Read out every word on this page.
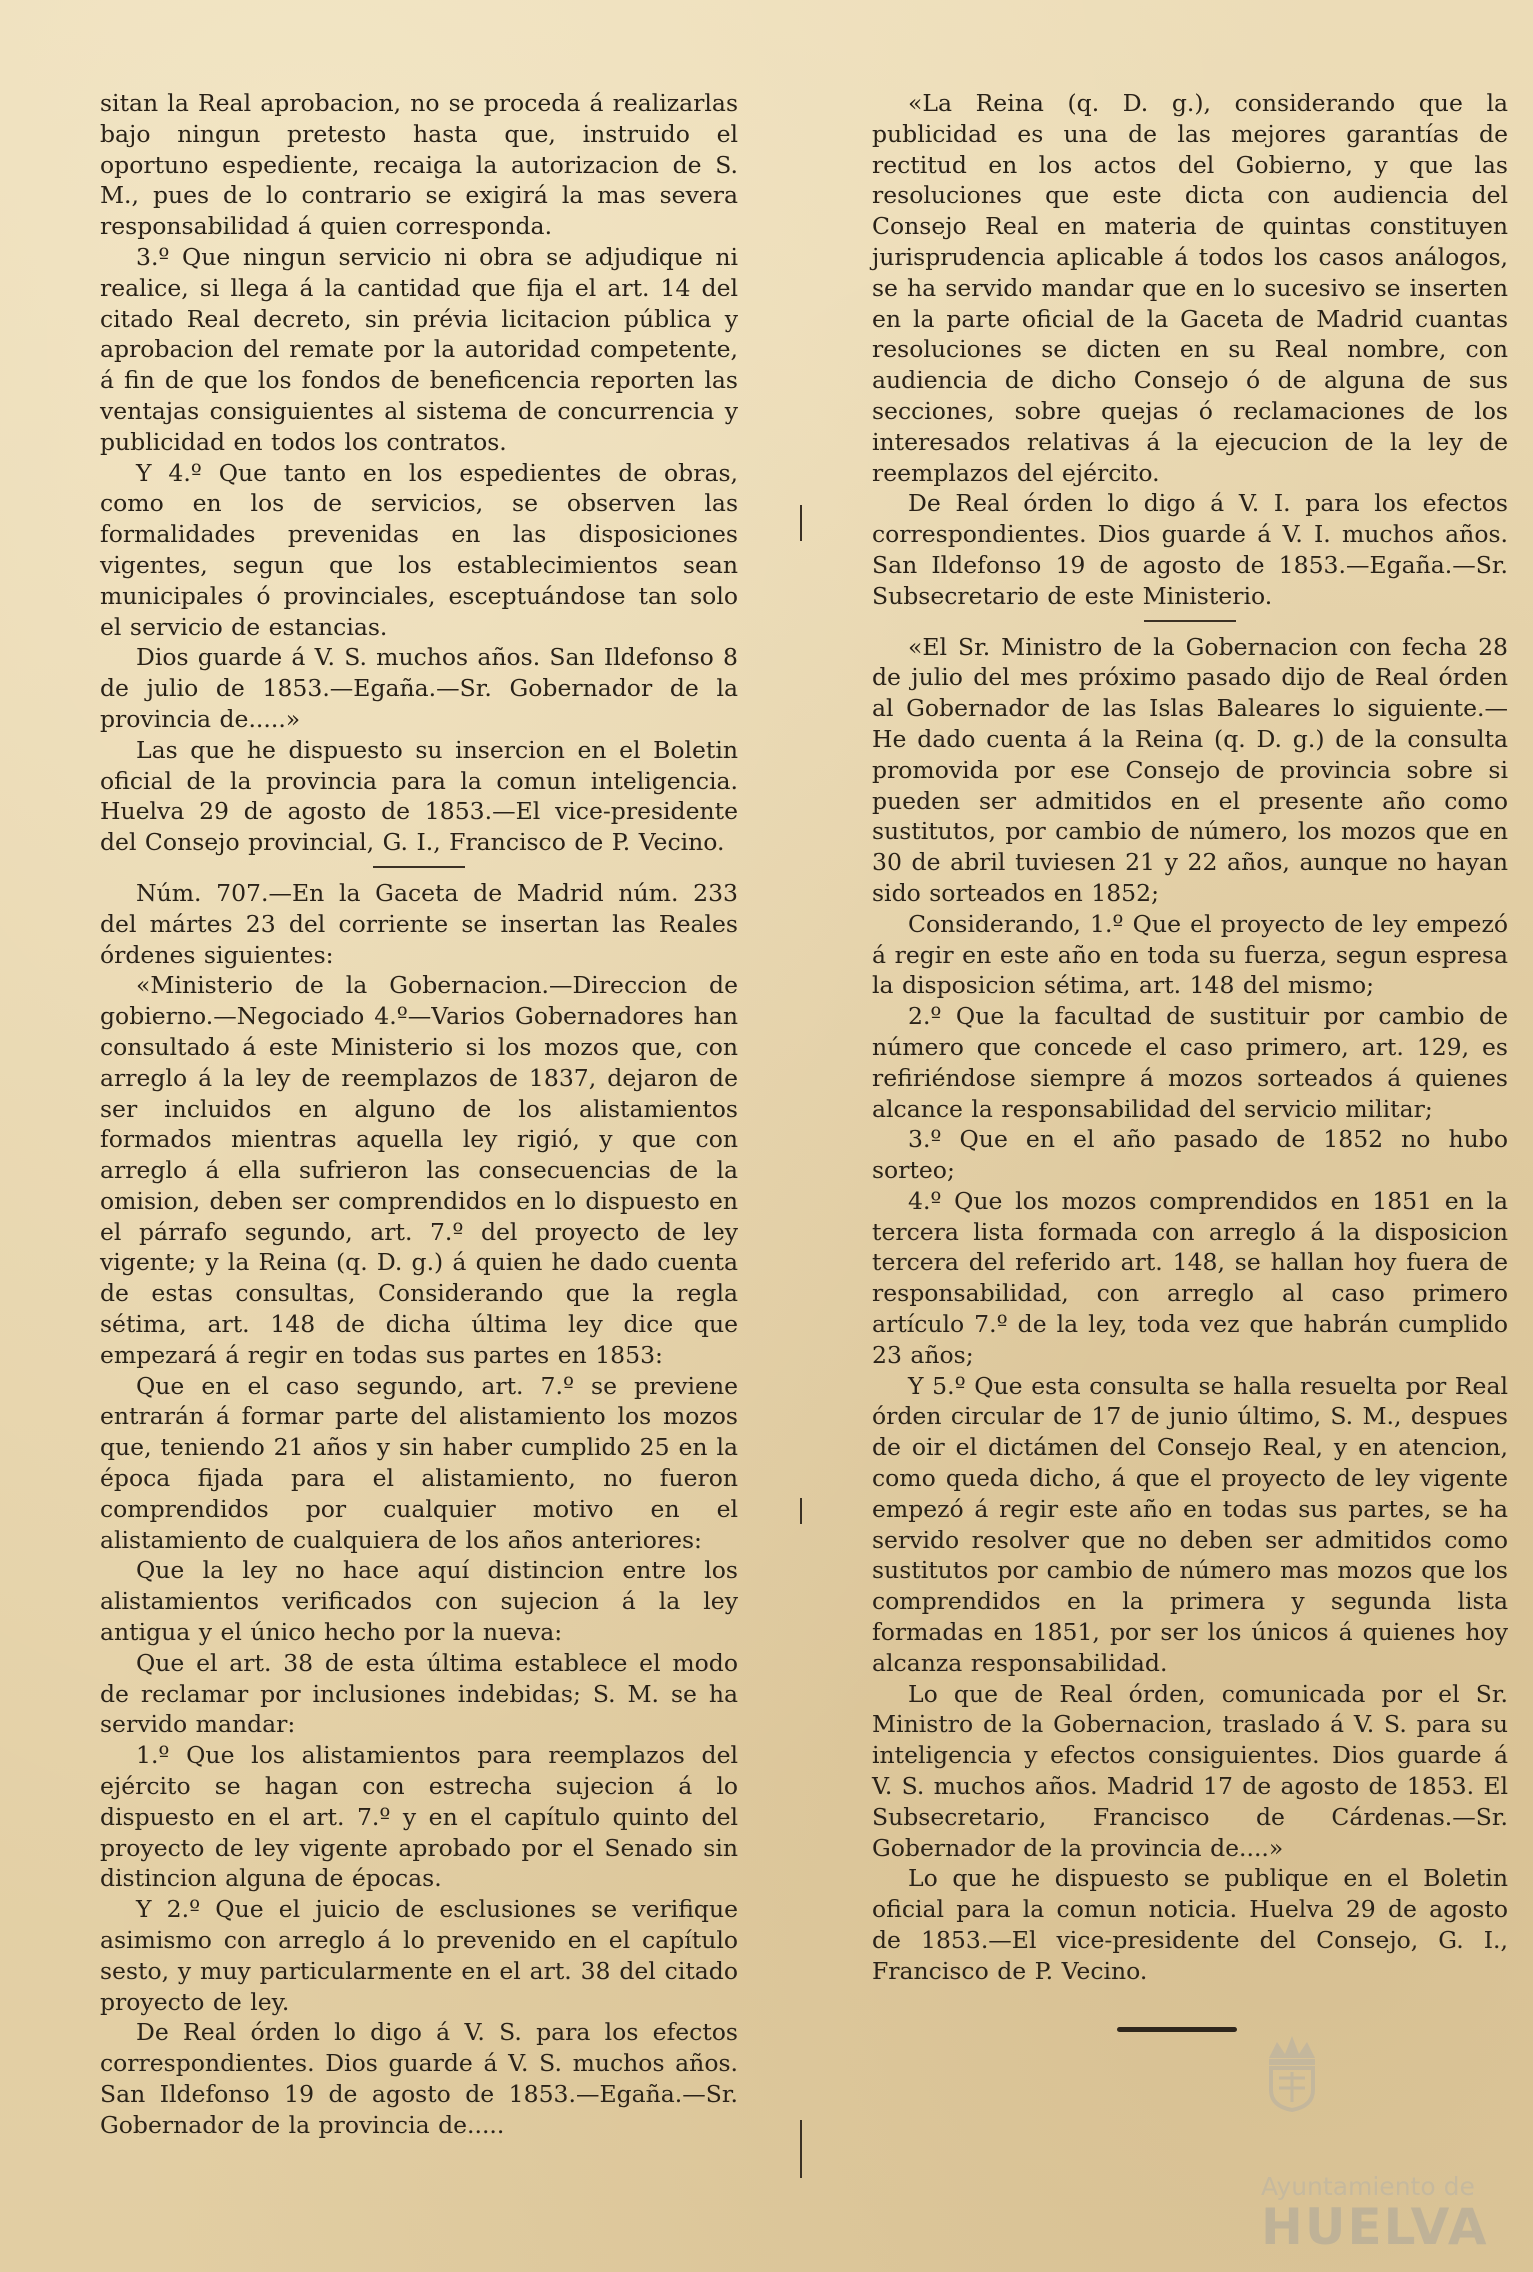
sitan la Real aprobacion, no se proceda á realizarlas bajo ningun pretesto hasta que, instruido el oportuno espediente, recaiga la autorizacion de S. M., pues de lo contrario se exigirá la mas severa responsabilidad á quien corresponda.

3.º Que ningun servicio ni obra se adjudique ni realice, si llega á la cantidad que fija el art. 14 del citado Real decreto, sin prévia licitacion pública y aprobacion del remate por la autoridad competente, á fin de que los fondos de beneficencia reporten las ventajas consiguientes al sistema de concurrencia y publicidad en todos los contratos.

Y 4.º Que tanto en los espedientes de obras, como en los de servicios, se observen las formalidades prevenidas en las disposiciones vigentes, segun que los establecimientos sean municipales ó provinciales, esceptuándose tan solo el servicio de estancias.

Dios guarde á V. S. muchos años. San Ildefonso 8 de julio de 1853.—Egaña.—Sr. Gobernador de la provincia de.....»

Las que he dispuesto su insercion en el Boletin oficial de la provincia para la comun inteligencia. Huelva 29 de agosto de 1853.—El vice-presidente del Consejo provincial, G. I., Francisco de P. Vecino.

Núm. 707.—En la Gaceta de Madrid núm. 233 del mártes 23 del corriente se insertan las Reales órdenes siguientes:

«Ministerio de la Gobernacion.—Direccion de gobierno.—Negociado 4.º—Varios Gobernadores han consultado á este Ministerio si los mozos que, con arreglo á la ley de reemplazos de 1837, dejaron de ser incluidos en alguno de los alistamientos formados mientras aquella ley rigió, y que con arreglo á ella sufrieron las consecuencias de la omision, deben ser comprendidos en lo dispuesto en el párrafo segundo, art. 7.º del proyecto de ley vigente; y la Reina (q. D. g.) á quien he dado cuenta de estas consultas, Considerando que la regla sétima, art. 148 de dicha última ley dice que empezará á regir en todas sus partes en 1853:

Que en el caso segundo, art. 7.º se previene entrarán á formar parte del alistamiento los mozos que, teniendo 21 años y sin haber cumplido 25 en la época fijada para el alistamiento, no fueron comprendidos por cualquier motivo en el alistamiento de cualquiera de los años anteriores:

Que la ley no hace aquí distincion entre los alistamientos verificados con sujecion á la ley antigua y el único hecho por la nueva:

Que el art. 38 de esta última establece el modo de reclamar por inclusiones indebidas; S. M. se ha servido mandar:

1.º Que los alistamientos para reemplazos del ejército se hagan con estrecha sujecion á lo dispuesto en el art. 7.º y en el capítulo quinto del proyecto de ley vigente aprobado por el Senado sin distincion alguna de épocas.

Y 2.º Que el juicio de esclusiones se verifique asimismo con arreglo á lo prevenido en el capítulo sesto, y muy particularmente en el art. 38 del citado proyecto de ley.

De Real órden lo digo á V. S. para los efectos correspondientes. Dios guarde á V. S. muchos años. San Ildefonso 19 de agosto de 1853.—Egaña.—Sr. Gobernador de la provincia de.....

«La Reina (q. D. g.), considerando que la publicidad es una de las mejores garantías de rectitud en los actos del Gobierno, y que las resoluciones que este dicta con audiencia del Consejo Real en materia de quintas constituyen jurisprudencia aplicable á todos los casos análogos, se ha servido mandar que en lo sucesivo se inserten en la parte oficial de la Gaceta de Madrid cuantas resoluciones se dicten en su Real nombre, con audiencia de dicho Consejo ó de alguna de sus secciones, sobre quejas ó reclamaciones de los interesados relativas á la ejecucion de la ley de reemplazos del ejército.

De Real órden lo digo á V. I. para los efectos correspondientes. Dios guarde á V. I. muchos años. San Ildefonso 19 de agosto de 1853.—Egaña.—Sr. Subsecretario de este Ministerio.

«El Sr. Ministro de la Gobernacion con fecha 28 de julio del mes próximo pasado dijo de Real órden al Gobernador de las Islas Baleares lo siguiente.—He dado cuenta á la Reina (q. D. g.) de la consulta promovida por ese Consejo de provincia sobre si pueden ser admitidos en el presente año como sustitutos, por cambio de número, los mozos que en 30 de abril tuviesen 21 y 22 años, aunque no hayan sido sorteados en 1852;

Considerando, 1.º Que el proyecto de ley empezó á regir en este año en toda su fuerza, segun espresa la disposicion sétima, art. 148 del mismo;

2.º Que la facultad de sustituir por cambio de número que concede el caso primero, art. 129, es refiriéndose siempre á mozos sorteados á quienes alcance la responsabilidad del servicio militar;

3.º Que en el año pasado de 1852 no hubo sorteo;

4.º Que los mozos comprendidos en 1851 en la tercera lista formada con arreglo á la disposicion tercera del referido art. 148, se hallan hoy fuera de responsabilidad, con arreglo al caso primero artículo 7.º de la ley, toda vez que habrán cumplido 23 años;

Y 5.º Que esta consulta se halla resuelta por Real órden circular de 17 de junio último, S. M., despues de oir el dictámen del Consejo Real, y en atencion, como queda dicho, á que el proyecto de ley vigente empezó á regir este año en todas sus partes, se ha servido resolver que no deben ser admitidos como sustitutos por cambio de número mas mozos que los comprendidos en la primera y segunda lista formadas en 1851, por ser los únicos á quienes hoy alcanza responsabilidad.

Lo que de Real órden, comunicada por el Sr. Ministro de la Gobernacion, traslado á V. S. para su inteligencia y efectos consiguientes. Dios guarde á V. S. muchos años. Madrid 17 de agosto de 1853. El Subsecretario, Francisco de Cárdenas.—Sr. Gobernador de la provincia de....»

Lo que he dispuesto se publique en el Boletin oficial para la comun noticia. Huelva 29 de agosto de 1853.—El vice-presidente del Consejo, G. I., Francisco de P. Vecino.

Ayuntamiento de
HUELVA
